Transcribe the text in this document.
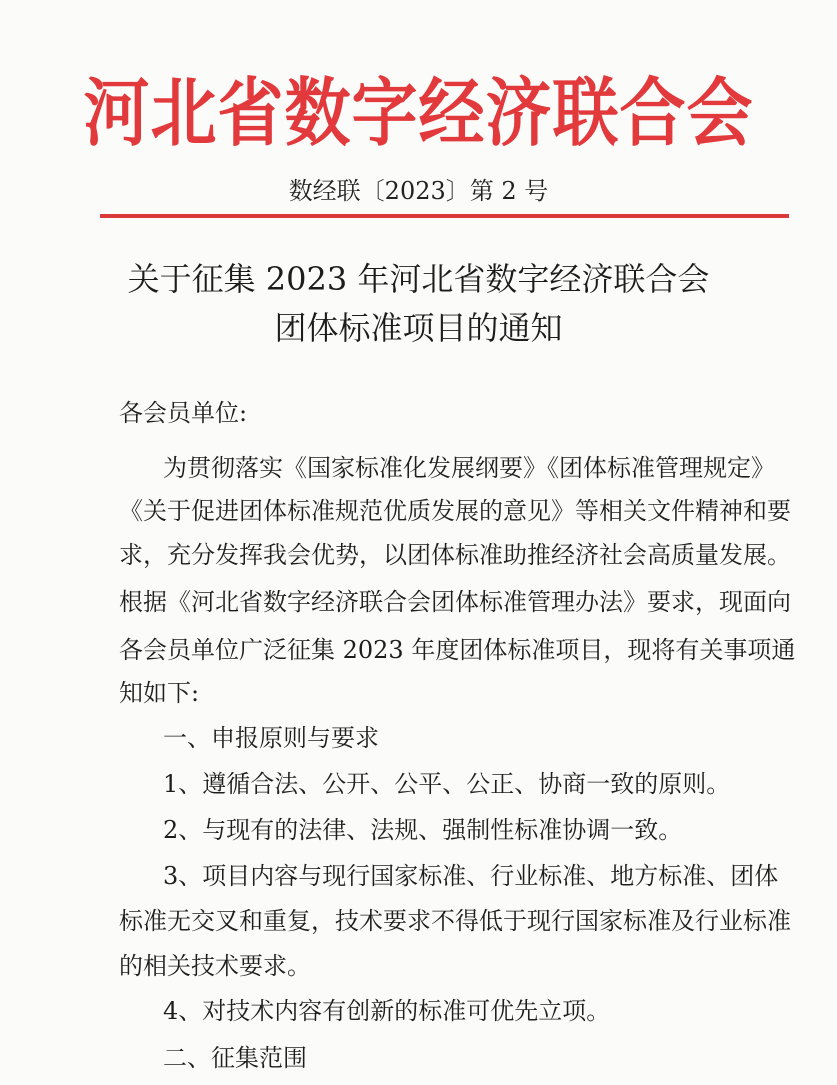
河北省数字经济联合会
数经联〔2023〕第 2 号
关于征集 2023 年河北省数字经济联合会
团体标准项目的通知
各会员单位:
为贯彻落实《国家标准化发展纲要》《团体标准管理规定》
《关于促进团体标准规范优质发展的意见》等相关文件精神和要
求，充分发挥我会优势，以团体标准助推经济社会高质量发展。
根据《河北省数字经济联合会团体标准管理办法》要求，现面向
各会员单位广泛征集 2023 年度团体标准项目，现将有关事项通
知如下:
一、申报原则与要求
1、遵循合法、公开、公平、公正、协商一致的原则。
2、与现有的法律、法规、强制性标准协调一致。
3、项目内容与现行国家标准、行业标准、地方标准、团体
标准无交叉和重复，技术要求不得低于现行国家标准及行业标准
的相关技术要求。
4、对技术内容有创新的标准可优先立项。
二、征集范围
